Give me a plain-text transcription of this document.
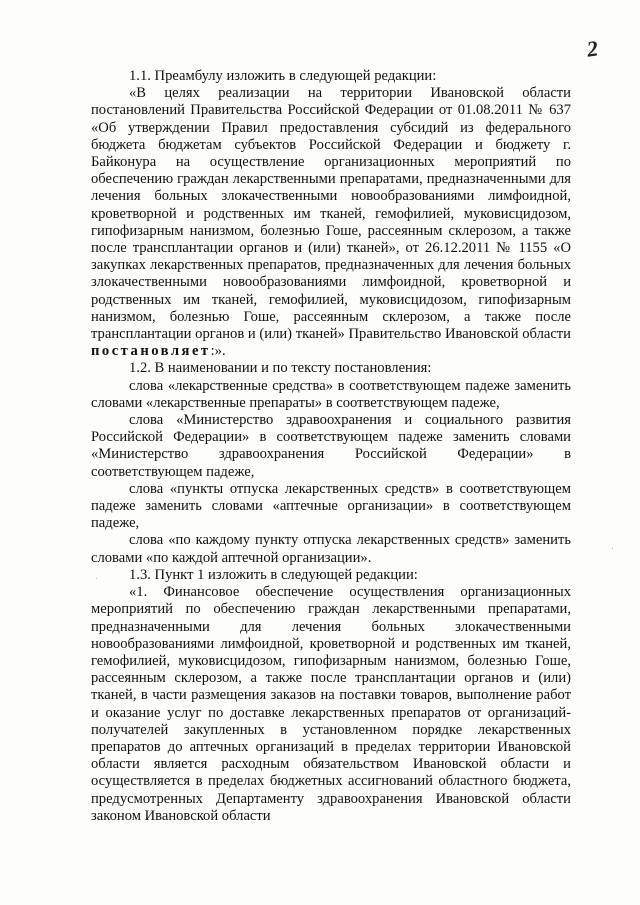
2

1.1. Преамбулу изложить в следующей редакции:

«В целях реализации на территории Ивановской области постановлений Правительства Российской Федерации от 01.08.2011 № 637 «Об утверждении Правил предоставления субсидий из федерального бюджета бюджетам субъектов Российской Федерации и бюджету г. Байконура на осуществление организационных мероприятий по обеспечению граждан лекарственными препаратами, предназначенными для лечения больных злокачественными новообразованиями лимфоидной, кроветворной и родственных им тканей, гемофилией, муковисцидозом, гипофизарным нанизмом, болезнью Гоше, рассеянным склерозом, а также после трансплантации органов и (или) тканей», от 26.12.2011 № 1155 «О закупках лекарственных препаратов, предназначенных для лечения больных злокачественными новообразованиями лимфоидной, кроветворной и родственных им тканей, гемофилией, муковисцидозом, гипофизарным нанизмом, болезнью Гоше, рассеянным склерозом, а также после трансплантации органов и (или) тканей» Правительство Ивановской области постановляет:».

1.2. В наименовании и по тексту постановления:

слова «лекарственные средства» в соответствующем падеже заменить словами «лекарственные препараты» в соответствующем падеже,

слова «Министерство здравоохранения и социального развития Российской Федерации» в соответствующем падеже заменить словами «Министерство здравоохранения Российской Федерации» в соответствующем падеже,

слова «пункты отпуска лекарственных средств» в соответствующем падеже заменить словами «аптечные организации» в соответствующем падеже,

слова «по каждому пункту отпуска лекарственных средств» заменить словами «по каждой аптечной организации».

1.3. Пункт 1 изложить в следующей редакции:

«1. Финансовое обеспечение осуществления организационных мероприятий по обеспечению граждан лекарственными препаратами, предназначенными для лечения больных злокачественными новообразованиями лимфоидной, кроветворной и родственных им тканей, гемофилией, муковисцидозом, гипофизарным нанизмом, болезнью Гоше, рассеянным склерозом, а также после трансплантации органов и (или) тканей, в части размещения заказов на поставки товаров, выполнение работ и оказание услуг по доставке лекарственных препаратов от организаций-получателей закупленных в установленном порядке лекарственных препаратов до аптечных организаций в пределах территории Ивановской области является расходным обязательством Ивановской области и осуществляется в пределах бюджетных ассигнований областного бюджета, предусмотренных Департаменту здравоохранения Ивановской области законом Ивановской области
